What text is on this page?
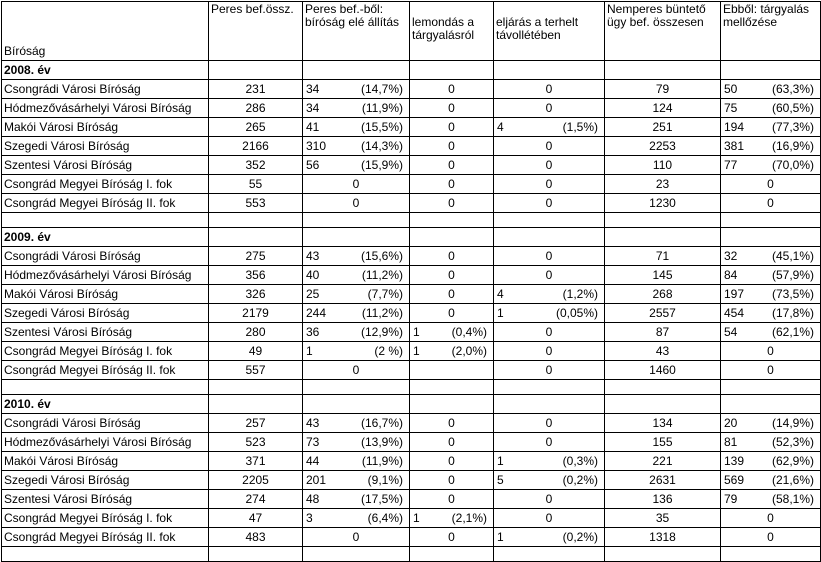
Bíróság	Peres bef.össz.	Peres bef.-ből: bíróság elé állítás	lemondás a tárgyalásról	eljárás a terhelt távollétében	Nemperes büntető ügy bef. összesen	Ebből: tárgyalás mellőzése
2008. év						
Csongrádi Városi Bíróság	231	34 (14,7%)	0	0	79	50 (63,3%)

Hódmezővásárhelyi Városi Bíróság	286	34 (11,9%)	0	0	124	75 (60,5%)

Makói Városi Bíróság	265	41 (15,5%)	0	4 (1,5%)	251	194 (77,3%)

Szegedi Városi Bíróság	2166	310 (14,3%)	0	0	2253	381 (16,9%)

Szentesi Városi Bíróság	352	56 (15,9%)	0	0	110	77 (70,0%)

Csongrád Megyei Bíróság I. fok	55	0	0	0	23	0
Csongrád Megyei Bíróság II. fok	553	0	0	0	1230	0

2009. év						
Csongrádi Városi Bíróság	275	43 (15,6%)	0	0	71	32 (45,1%)

Hódmezővásárhelyi Városi Bíróság	356	40 (11,2%)	0	0	145	84 (57,9%)

Makói Városi Bíróság	326	25 (7,7%)	0	4 (1,2%)	268	197 (73,5%)

Szegedi Városi Bíróság	2179	244 (11,2%)	0	1 (0,05%)	2557	454 (17,8%)

Szentesi Városi Bíróság	280	36 (12,9%)	1 (0,4%)	0	87	54 (62,1%)

Csongrád Megyei Bíróság I. fok	49	1 (2 %)	1 (2,0%)	0	43	0
Csongrád Megyei Bíróság II. fok	557	0		0	1460	0

2010. év						
Csongrádi Városi Bíróság	257	43 (16,7%)	0	0	134	20 (14,9%)

Hódmezővásárhelyi Városi Bíróság	523	73 (13,9%)	0	0	155	81 (52,3%)

Makói Városi Bíróság	371	44 (11,9%)	0	1 (0,3%)	221	139 (62,9%)

Szegedi Városi Bíróság	2205	201 (9,1%)	0	5 (0,2%)	2631	569 (21,6%)

Szentesi Városi Bíróság	274	48 (17,5%)	0	0	136	79 (58,1%)

Csongrád Megyei Bíróság I. fok	47	3 (6,4%)	1 (2,1%)	0	35	0
Csongrád Megyei Bíróság II. fok	483	0	0	1 (0,2%)	1318	0
